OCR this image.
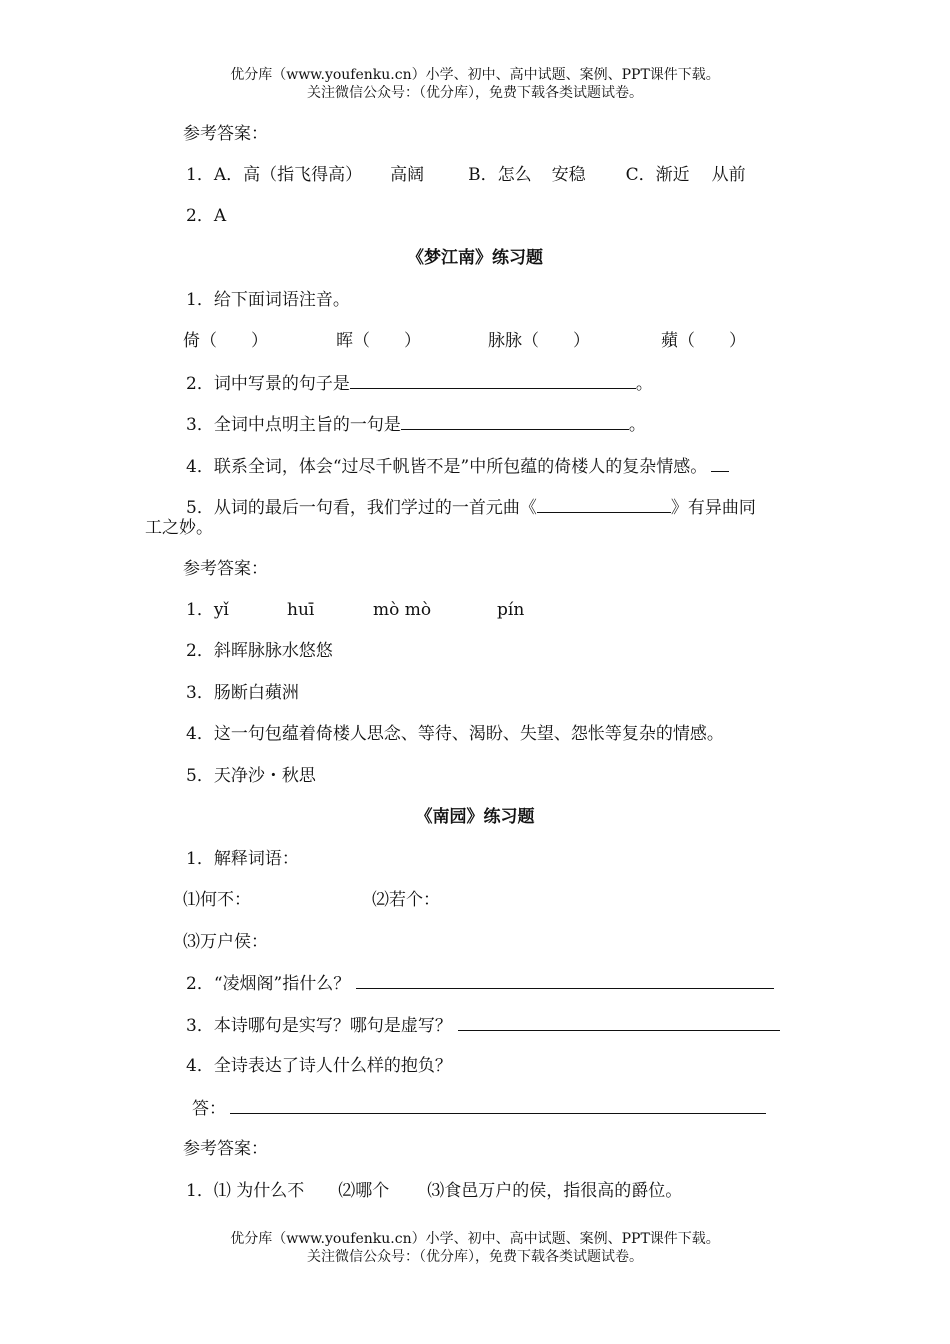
优分库（www.youfenku.cn）小学、初中、高中试题、案例、PPT课件下载。
关注微信公众号：（优分库），免费下载各类试题试卷。
参考答案：
1．A．高（指飞得高） 高阔	B．怎么 安稳 C．渐近 从前
2．A
《梦江南》练习题
1．给下面词语注音。
倚（　　）	晖（　　）	脉脉（　　）	蘋（　　）
2．词中写景的句子是	。
3．全词中点明主旨的一句是	。
4．联系全词，体会“过尽千帆皆不是”中所包蕴的倚楼人的复杂情感。
5．从词的最后一句看，我们学过的一首元曲《	》有异曲同
工之妙。
参考答案：
1．yǐ	huī	mò mò	pín
2．斜晖脉脉水悠悠
3．肠断白蘋洲
4．这一句包蕴着倚楼人思念、等待、渴盼、失望、怨怅等复杂的情感。
5．天净沙・秋思
《南园》练习题
1．解释词语：
⑴何不：	⑵若个：
⑶万户侯：
2．“凌烟阁”指什么？
3．本诗哪句是实写？哪句是虚写？
4．全诗表达了诗人什么样的抱负？
答：
参考答案：
1．⑴ 为什么不 ⑵哪个 ⑶食邑万户的侯，指很高的爵位。
优分库（www.youfenku.cn）小学、初中、高中试题、案例、PPT课件下载。
关注微信公众号：（优分库），免费下载各类试题试卷。
